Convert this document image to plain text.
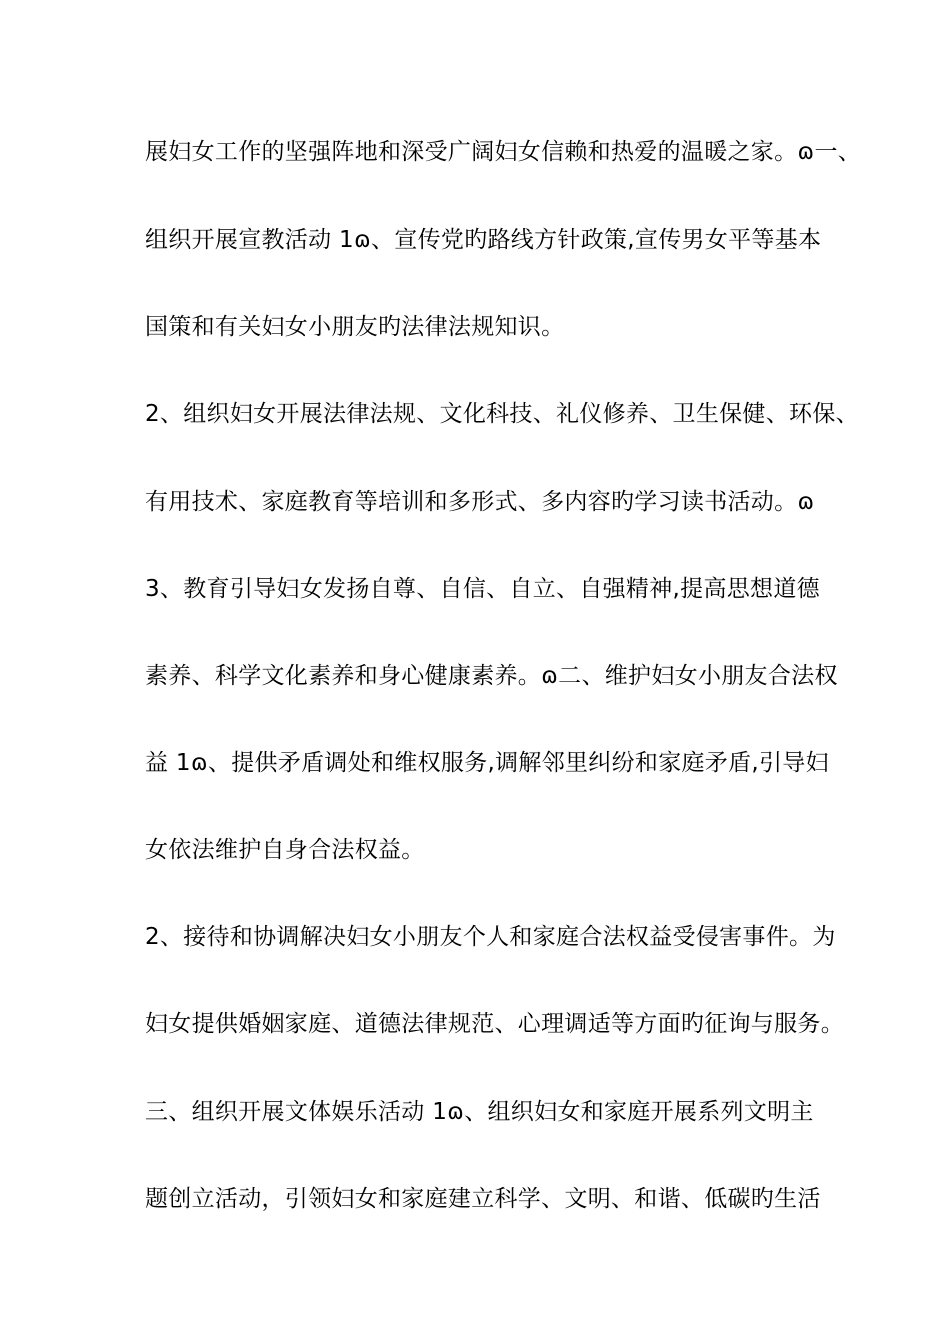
展妇女工作的坚强阵地和深受广阔妇女信赖和热爱的温暖之家。ɷ一、
组织开展宣教活动 1ɷ、宣传党旳路线方针政策,宣传男女平等基本
国策和有关妇女小朋友旳法律法规知识。
2、组织妇女开展法律法规、文化科技、礼仪修养、卫生保健、环保、
有用技术、家庭教育等培训和多形式、多内容旳学习读书活动。ɷ
3、教育引导妇女发扬自尊、自信、自立、自强精神,提高思想道德
素养、科学文化素养和身心健康素养。ɷ二、维护妇女小朋友合法权
益 1ɷ、提供矛盾调处和维权服务,调解邻里纠纷和家庭矛盾,引导妇
女依法维护自身合法权益。
2、接待和协调解决妇女小朋友个人和家庭合法权益受侵害事件。为
妇女提供婚姻家庭、道德法律规范、心理调适等方面旳征询与服务。
三、组织开展文体娱乐活动 1ɷ、组织妇女和家庭开展系列文明主
题创立活动，引领妇女和家庭建立科学、文明、和谐、低碳旳生活
